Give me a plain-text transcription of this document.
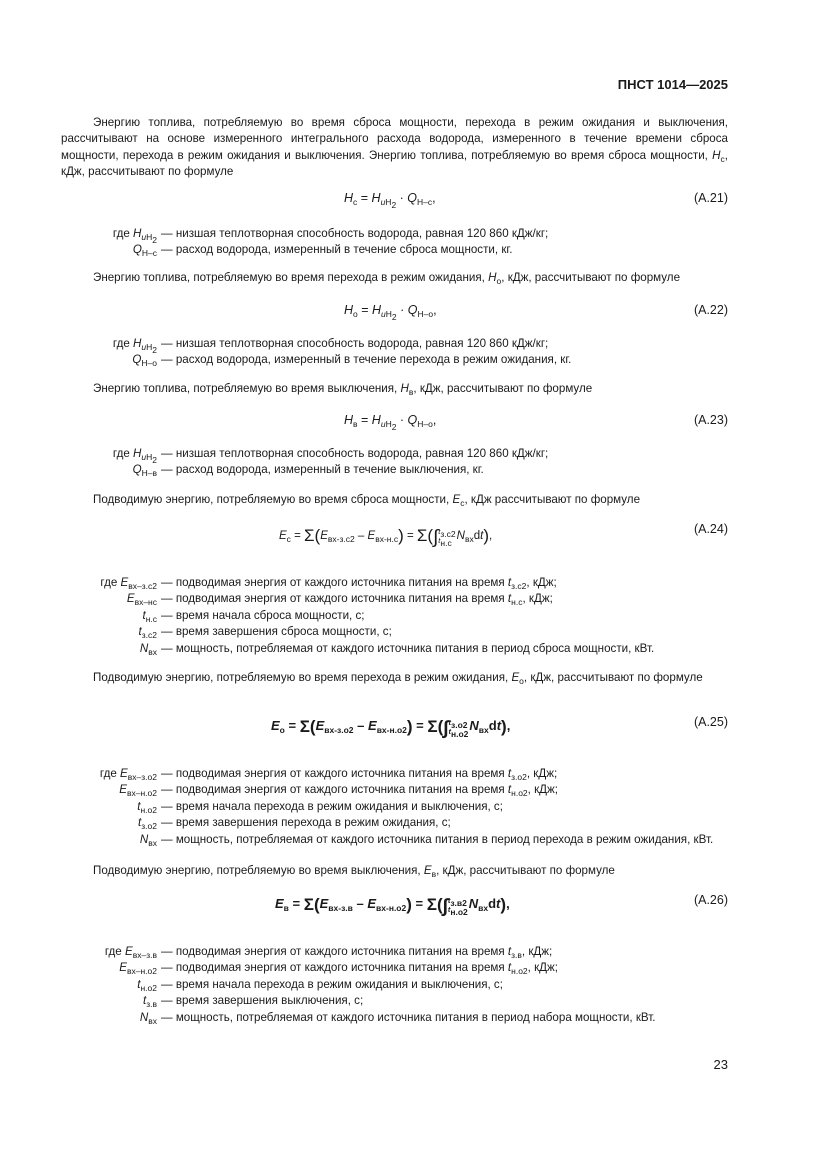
ПНСТ 1014—2025
Энергию топлива, потребляемую во время сброса мощности, перехода в режим ожидания и выключения, рассчитывают на основе измеренного интегрального расхода водорода, измеренного в течение времени сброса мощности, перехода в режим ожидания и выключения. Энергию топлива, потребляемую во время сброса мощности, $H_с$, кДж, рассчитывают по формуле
$H_с = H_{uH_2} \cdot Q_{Н-с}$,	(A.21)
где $H_{uH_2}$ — низшая теплотворная способность водорода, равная 120 860 кДж/кг;
$Q_{Н-с}$ — расход водорода, измеренный в течение сброса мощности, кг.
Энергию топлива, потребляемую во время перехода в режим ожидания, $H_о$, кДж, рассчитывают по формуле
$H_о = H_{uH_2} \cdot Q_{Н-о}$,	(A.22)
где $H_{uH_2}$ — низшая теплотворная способность водорода, равная 120 860 кДж/кг;
$Q_{Н-о}$ — расход водорода, измеренный в течение перехода в режим ожидания, кг.
Энергию топлива, потребляемую во время выключения, $H_в$, кДж, рассчитывают по формуле
$H_в = H_{uH_2} \cdot Q_{Н-о}$,	(A.23)
где $H_{uH_2}$ — низшая теплотворная способность водорода, равная 120 860 кДж/кг;
$Q_{Н-в}$ — расход водорода, измеренный в течение выключения, кг.
Подводимую энергию, потребляемую во время сброса мощности, $E_с$, кДж рассчитывают по формуле
$E_с = \Sigma(E_{вх-з.с2} - E_{вх-н.с}) = \Sigma(\int$ $t_{з.с2}$
$t_{н.с}$
$N_{вх}dt$),	(A.24)
где $E_{вх-з.с2}$ — подводимая энергия от каждого источника питания на время $t_{з.с2}$, кДж;
$E_{вх-нс}$ — подводимая энергия от каждого источника питания на время $t_{н.с}$, кДж;
$t_{н.с}$ — время начала сброса мощности, с;
$t_{з.с2}$ — время завершения сброса мощности, с;
$N_{вх}$ — мощность, потребляемая от каждого источника питания в период сброса мощности, кВт.
Подводимую энергию, потребляемую во время перехода в режим ожидания, $E_о$, кДж, рассчитывают по формуле
$E_о = \Sigma(E_{вх-з.о2} - E_{вх-н.о2}) = \Sigma(\int$ $t_{з.о2}$
$t_{н.о2}$
$N_{вх}dt$),	(A.25)
где $E_{вх-з.о2}$ — подводимая энергия от каждого источника питания на время $t_{з.о2}$, кДж;
$E_{вх-н.о2}$ — подводимая энергия от каждого источника питания на время $t_{н.о2}$, кДж;
$t_{н.о2}$ — время начала перехода в режим ожидания и выключения, с;
$t_{з.о2}$ — время завершения перехода в режим ожидания, с;
$N_{вх}$ — мощность, потребляемая от каждого источника питания в период перехода в режим ожидания, кВт.
Подводимую энергию, потребляемую во время выключения, $E_в$, кДж, рассчитывают по формуле
$E_в = \Sigma(E_{вх-з.в} - E_{вх-н.о2}) = \Sigma(\int$ $t_{з.в2}$
$t_{н.о2}$
$N_{вх}dt$),	(A.26)
где $E_{вх-з.в}$ — подводимая энергия от каждого источника питания на время $t_{з.в}$, кДж;
$E_{вх-н.о2}$ — подводимая энергия от каждого источника питания на время $t_{н.о2}$, кДж;
$t_{н.о2}$ — время начала перехода в режим ожидания и выключения, с;
$t_{з.в}$ — время завершения выключения, с;
$N_{вх}$ — мощность, потребляемая от каждого источника питания в период набора мощности, кВт.
23
